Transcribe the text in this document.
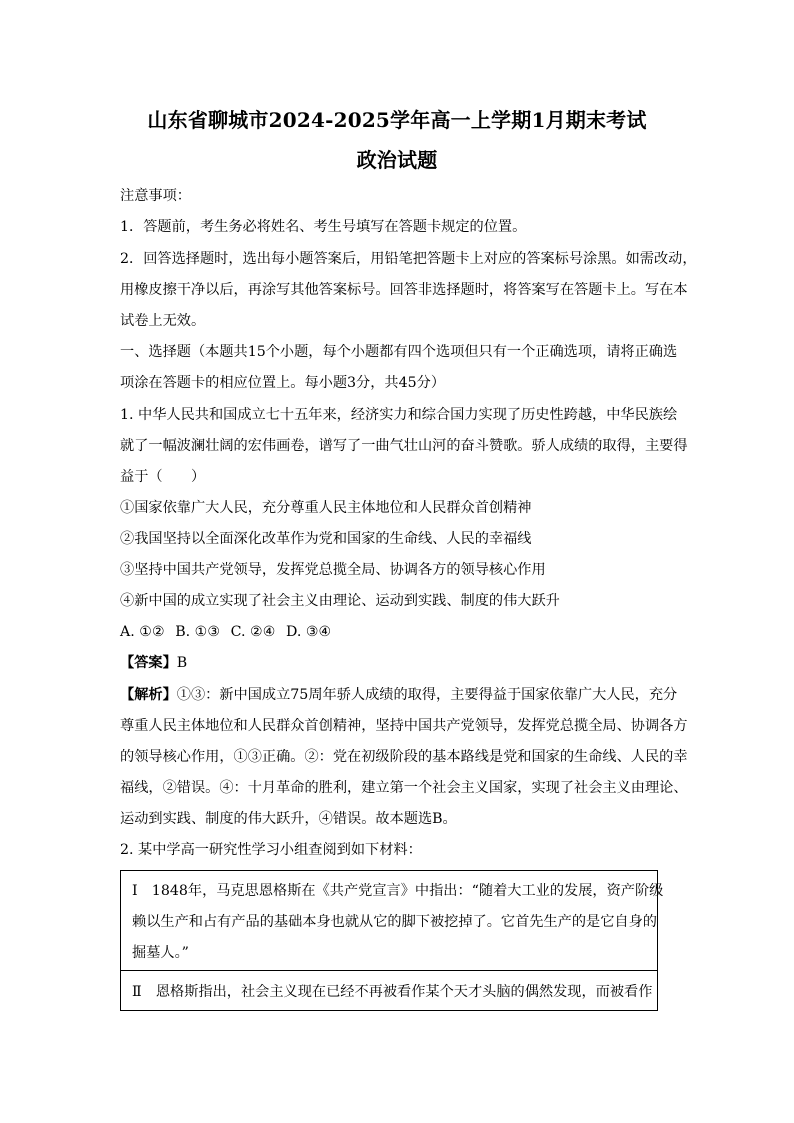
山东省聊城市2024-2025学年高一上学期1月期末考试
政治试题
注意事项：
1．答题前，考生务必将姓名、考生号填写在答题卡规定的位置。
2．回答选择题时，选出每小题答案后，用铅笔把答题卡上对应的答案标号涂黑。如需改动，
用橡皮擦干净以后，再涂写其他答案标号。回答非选择题时，将答案写在答题卡上。写在本
试卷上无效。
一、选择题（本题共15个小题，每个小题都有四个选项但只有一个正确选项，请将正确选
项涂在答题卡的相应位置上。每小题3分，共45分）
1. 中华人民共和国成立七十五年来，经济实力和综合国力实现了历史性跨越，中华民族绘
就了一幅波澜壮阔的宏伟画卷，谱写了一曲气壮山河的奋斗赞歌。骄人成绩的取得，主要得
益于（　　）
①国家依靠广大人民，充分尊重人民主体地位和人民群众首创精神
②我国坚持以全面深化改革作为党和国家的生命线、人民的幸福线
③坚持中国共产党领导，发挥党总揽全局、协调各方的领导核心作用
④新中国的成立实现了社会主义由理论、运动到实践、制度的伟大跃升
A. ①② B. ①③ C. ②④ D. ③④
【答案】B
【解析】①③：新中国成立75周年骄人成绩的取得，主要得益于国家依靠广大人民，充分
尊重人民主体地位和人民群众首创精神，坚持中国共产党领导，发挥党总揽全局、协调各方
的领导核心作用，①③正确。②：党在初级阶段的基本路线是党和国家的生命线、人民的幸
福线，②错误。④：十月革命的胜利，建立第一个社会主义国家，实现了社会主义由理论、
运动到实践、制度的伟大跃升，④错误。故本题选B。
2. 某中学高一研究性学习小组查阅到如下材料：
Ⅰ　1848年，马克思恩格斯在《共产党宣言》中指出：“随着大工业的发展，资产阶级
赖以生产和占有产品的基础本身也就从它的脚下被挖掉了。它首先生产的是它自身的
掘墓人。”
Ⅱ　恩格斯指出，社会主义现在已经不再被看作某个天才头脑的偶然发现，而被看作
